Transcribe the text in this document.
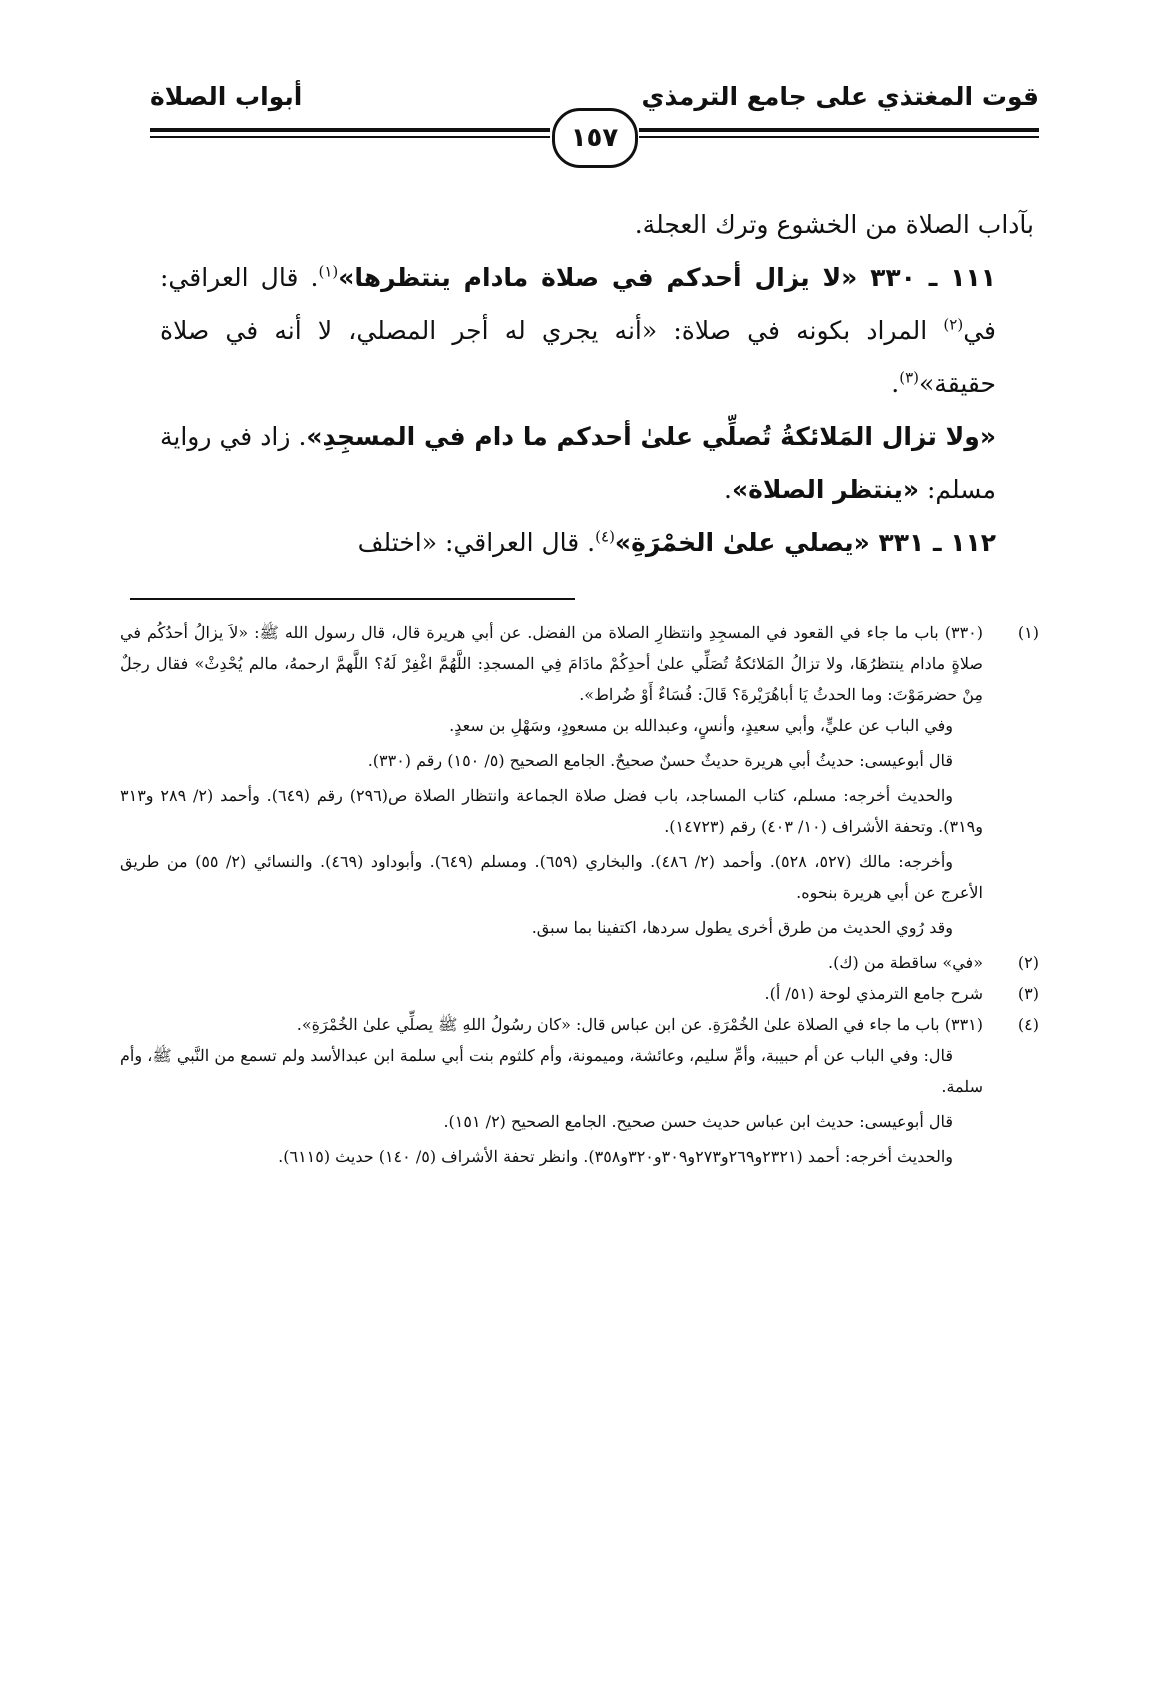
قوت المغتذي على جامع الترمذي
أبواب الصلاة
١٥٧

بآداب الصلاة من الخشوع وترك العجلة.

١١١ ـ ٣٣٠ «لا يزال أحدكم في صلاة مادام ينتظرها»$^{(١)}$. قال العراقي: في$^{(٢)}$ المراد بكونه في صلاة: «أنه يجري له أجر المصلي، لا أنه في صلاة حقيقة»$^{(٣)}$.

«ولا تزال المَلائكةُ تُصلِّي علىٰ أحدكم ما دام في المسجِدِ». زاد في رواية مسلم: «ينتظر الصلاة».

١١٢ ـ ٣٣١ «يصلي علىٰ الخمْرَةِ»$^{(٤)}$. قال العراقي: «اختلف

(١)

(٣٣٠) باب ما جاء في القعود في المسجِدِ وانتظارِ الصلاة من الفضل. عن أبي هريرة قال، قال رسول الله ﷺ: «لاَ يزالُ أحدُكُم في صلاةٍ مادام ينتظرُهَا، ولا تزالُ المَلائكةُ تُصَلِّي علىٰ أحدِكُمْ مادَامَ فِي المسجدِ: اللَّهُمَّ اغْفِرْ لَهُ؟ اللَّهمَّ ارحمهُ، مالم يُحْدِثْ» فقال رجلٌ مِنْ حضرمَوْتَ: وما الحدثُ يَا أباهُرَيْرةَ؟ قَالَ: فُسَاءٌ أَوْ ضُراط».

وفي الباب عن عليٍّ، وأبي سعيدٍ، وأنسٍ، وعبدالله بن مسعودٍ، وسَهْلِ بن سعدٍ.

قال أبوعيسى: حديثُ أبي هريرة حديثٌ حسنٌ صحيحٌ. الجامع الصحيح (٥/ ١٥٠) رقم (٣٣٠).

والحديث أخرجه: مسلم، كتاب المساجد، باب فضل صلاة الجماعة وانتظار الصلاة ص(٢٩٦) رقم (٦٤٩). وأحمد (٢/ ٢٨٩ و٣١٣ و٣١٩). وتحفة الأشراف (١٠/ ٤٠٣) رقم (١٤٧٢٣).

وأخرجه: مالك (٥٢٧، ٥٢٨). وأحمد (٢/ ٤٨٦). والبخاري (٦٥٩). ومسلم (٦٤٩). وأبوداود (٤٦٩). والنسائي (٢/ ٥٥) من طريق الأعرج عن أبي هريرة بنحوه.

وقد رُوي الحديث من طرق أخرى يطول سردها، اكتفينا بما سبق.

(٢)

«في» ساقطة من (ك).

(٣)

شرح جامع الترمذي لوحة (٥١/ أ).

(٤)

(٣٣١) باب ما جاء في الصلاة علىٰ الخُمْرَةِ. عن ابن عباس قال: «كان رسُولُ اللهِ ﷺ يصلِّي علىٰ الخُمْرَةِ».

قال: وفي الباب عن أم حبيبة، وأمِّ سليم، وعائشة، وميمونة، وأم كلثوم بنت أبي سلمة ابن عبدالأسد ولم تسمع من النَّبي ﷺ، وأم سلمة.

قال أبوعيسى: حديث ابن عباس حديث حسن صحيح. الجامع الصحيح (٢/ ١٥١).

والحديث أخرجه: أحمد (٢٣٢١و٢٦٩و٢٧٣و٣٠٩و٣٢٠و٣٥٨). وانظر تحفة الأشراف (٥/ ١٤٠) حديث (٦١١٥).
